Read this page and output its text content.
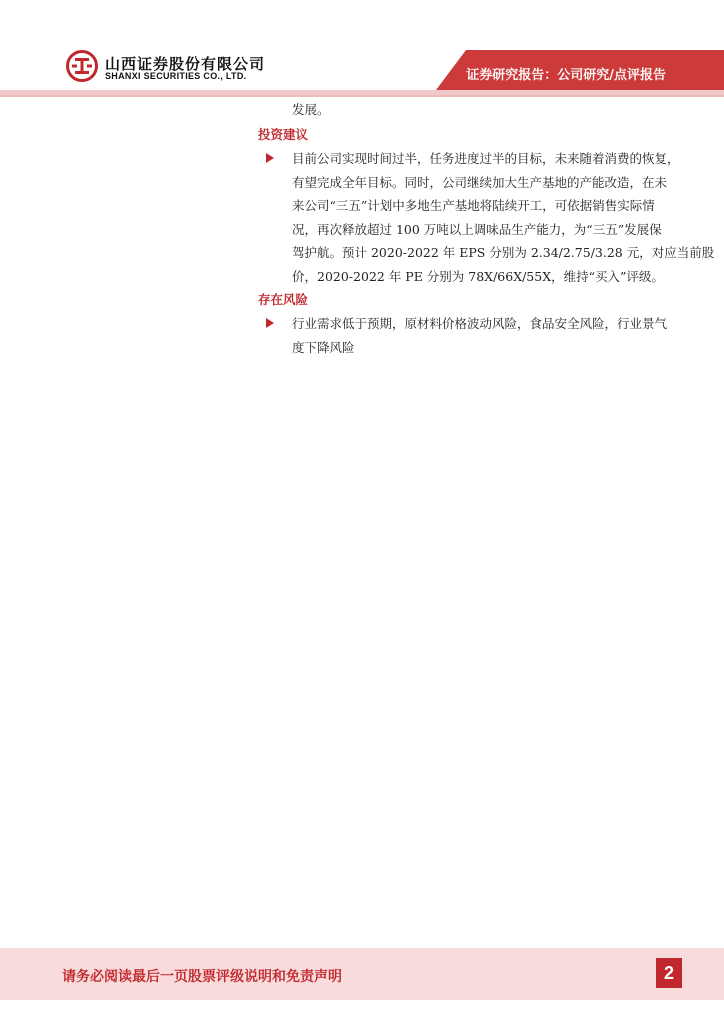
山西证券股份有限公司
SHANXI SECURITIES CO., LTD.	证券研究报告：公司研究/点评报告
发展。
投资建议
目前公司实现时间过半，任务进度过半的目标，未来随着消费的恢复，
有望完成全年目标。同时，公司继续加大生产基地的产能改造，在未
来公司“三五”计划中多地生产基地将陆续开工，可依据销售实际情
况，再次释放超过 100 万吨以上调味品生产能力，为“三五”发展保
驾护航。预计 2020-2022 年 EPS 分别为 2.34/2.75/3.28 元，对应当前股
价，2020-2022 年 PE 分别为 78X/66X/55X，维持“买入”评级。
存在风险
行业需求低于预期，原材料价格波动风险，食品安全风险，行业景气
度下降风险
请务必阅读最后一页股票评级说明和免责声明	2
